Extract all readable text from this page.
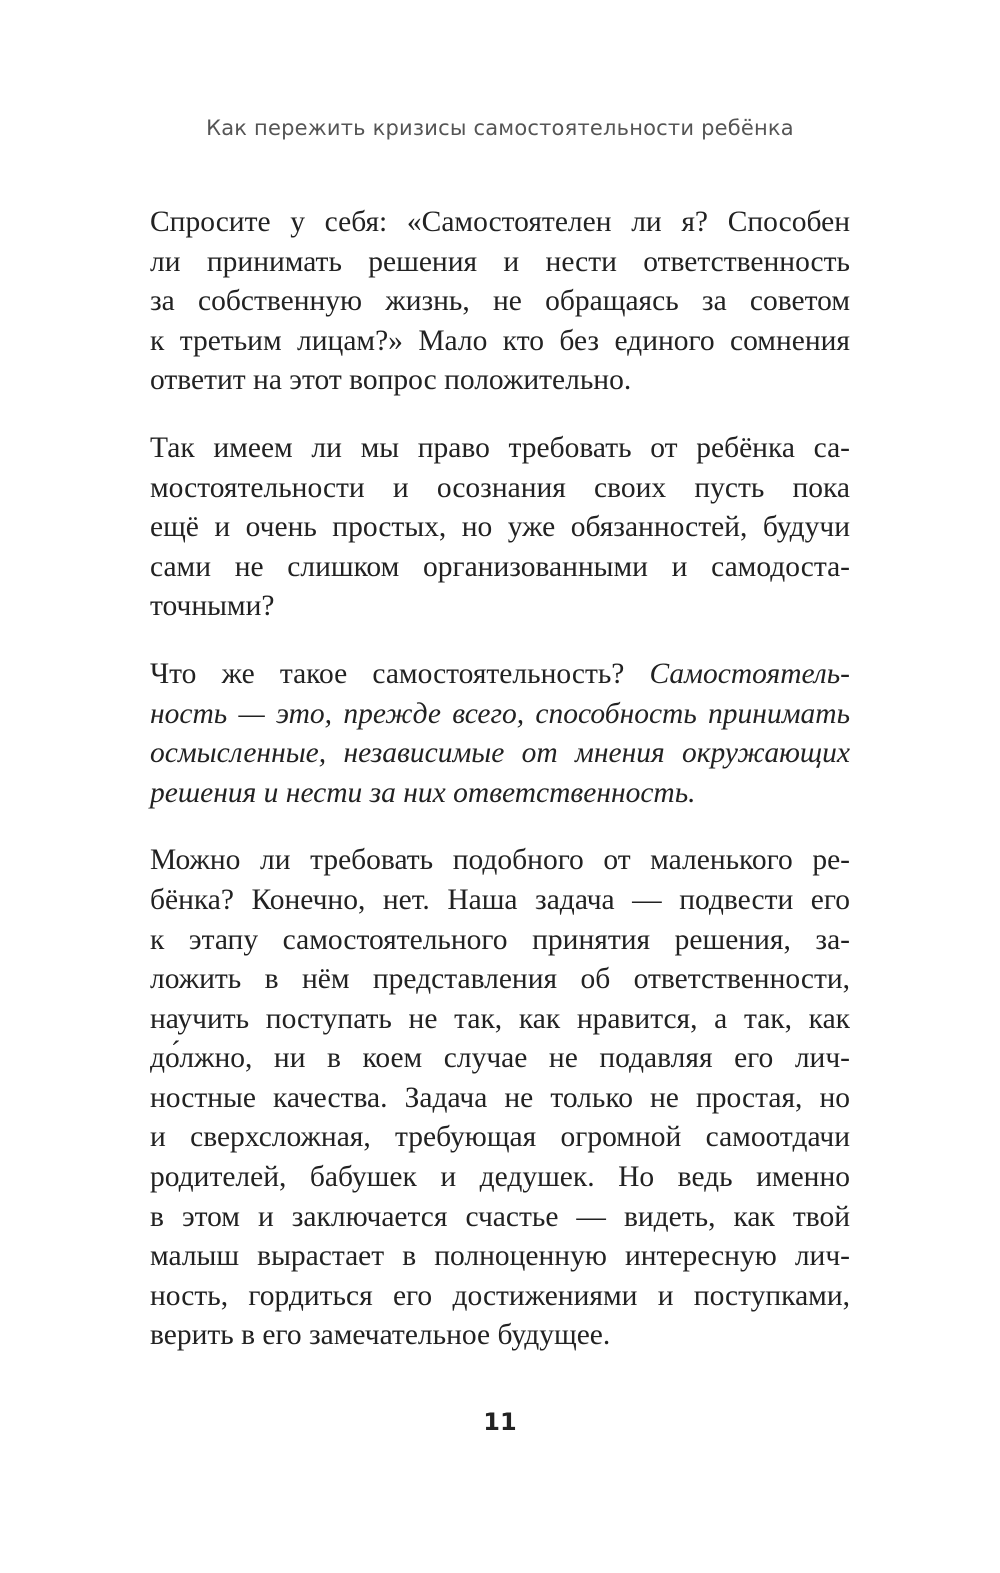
Как пережить кризисы самостоятельности ребёнка

Спросите у себя: «Самостоятелен ли я? Способен
ли принимать решения и нести ответственность
за собственную жизнь, не обращаясь за советом
к третьим лицам?» Мало кто без единого сомнения
ответит на этот вопрос положительно.

Так имеем ли мы право требовать от ребёнка са-
мостоятельности и осознания своих пусть пока
ещё и очень простых, но уже обязанностей, будучи
сами не слишком организованными и самодоста-
точными?

Что же такое самостоятельность? Самостоятель-
ность — это, прежде всего, способность принимать
осмысленные, независимые от мнения окружающих
решения и нести за них ответственность.

Можно ли требовать подобного от маленького ре-
бёнка? Конечно, нет. Наша задача — подвести его
к этапу самостоятельного принятия решения, за-
ложить в нём представления об ответственности,
научить поступать не так, как нравится, а так, как
до́лжно, ни в коем случае не подавляя его лич-
ностные качества. Задача не только не простая, но
и сверхсложная, требующая огромной самоотдачи
родителей, бабушек и дедушек. Но ведь именно
в этом и заключается счастье — видеть, как твой
малыш вырастает в полноценную интересную лич-
ность, гордиться его достижениями и поступками,
верить в его замечательное будущее.

11
